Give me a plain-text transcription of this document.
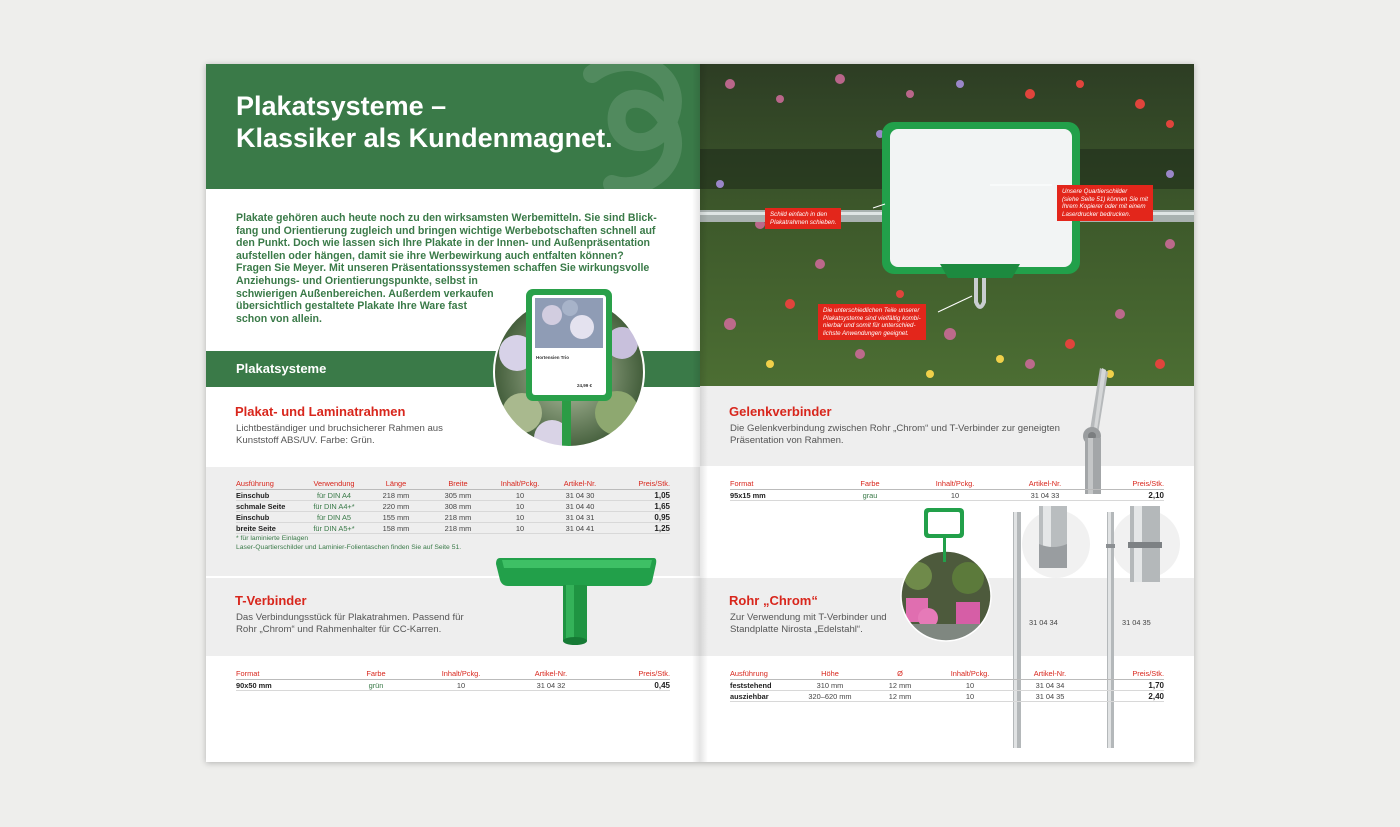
Plakatsysteme –
Klassiker als Kundenmagnet.

Plakate gehören auch heute noch zu den wirksamsten Werbemitteln. Sie sind Blick-
fang und Orientierung zugleich und bringen wichtige Werbebotschaften schnell auf
den Punkt. Doch wie lassen sich Ihre Plakate in der Innen- und Außenpräsentation
aufstellen oder hängen, damit sie ihre Werbewirkung auch entfalten können?
Fragen Sie Meyer. Mit unseren Präsentationssystemen schaffen Sie wirkungsvolle
Anziehungs- und Orientierungspunkte, selbst in
schwierigen Außenbereichen. Außerdem verkaufen
übersichtlich gestaltete Plakate Ihre Ware fast
schon von allein.

Plakatsysteme

Hortensien Trio
24,99 €
Plakat- und Laminatrahmen

Lichtbeständiger und bruchsicherer Rahmen aus
Kunststoff ABS/UV. Farbe: Grün.

Ausführung	Verwendung	Länge	Breite	Inhalt/Pckg.	Artikel-Nr.	Preis/Stk.
Einschub	für DIN A4	218 mm	305 mm	10	31 04 30	1,05
schmale Seite	für DIN A4+*	220 mm	308 mm	10	31 04 40	1,65
Einschub	für DIN A5	155 mm	218 mm	10	31 04 31	0,95
breite Seite	für DIN A5+*	158 mm	218 mm	10	31 04 41	1,25

* für laminierte Einlagen
Laser-Quartierschilder und Laminier-Folientaschen finden Sie auf Seite 51.

T-Verbinder

Das Verbindungsstück für Plakatrahmen. Passend für
Rohr „Chrom“ und Rahmenhalter für CC-Karren.

Format	Farbe	Inhalt/Pckg.	Artikel-Nr.	Preis/Stk.
90x50 mm	grün	10	31 04 32	0,45
Schild einfach in den
Plakatrahmen schieben.
Unsere Quartierschilder
(siehe Seite 51) können Sie mit
Ihrem Kopierer oder mit einem
Laserdrucker bedrucken.
Die unterschiedlichen Teile unserer
Plakatsysteme sind vielfältig kombi-
nierbar und somit für unterschied-
lichste Anwendungen geeignet.
Gelenkverbinder

Die Gelenkverbindung zwischen Rohr „Chrom“ und T-Verbinder zur geneigten
Präsentation von Rahmen.

Format	Farbe	Inhalt/Pckg.	Artikel-Nr.	Preis/Stk.
95x15 mm	grau	10	31 04 33	2,10
Rohr „Chrom“

Zur Verwendung mit T-Verbinder und
Standplatte Nirosta „Edelstahl“.

31 04 34	31 04 35

Ausführung	Höhe	Ø	Inhalt/Pckg.	Artikel-Nr.	Preis/Stk.
feststehend	310 mm	12 mm	10	31 04 34	1,70
ausziehbar	320–620 mm	12 mm	10	31 04 35	2,40
